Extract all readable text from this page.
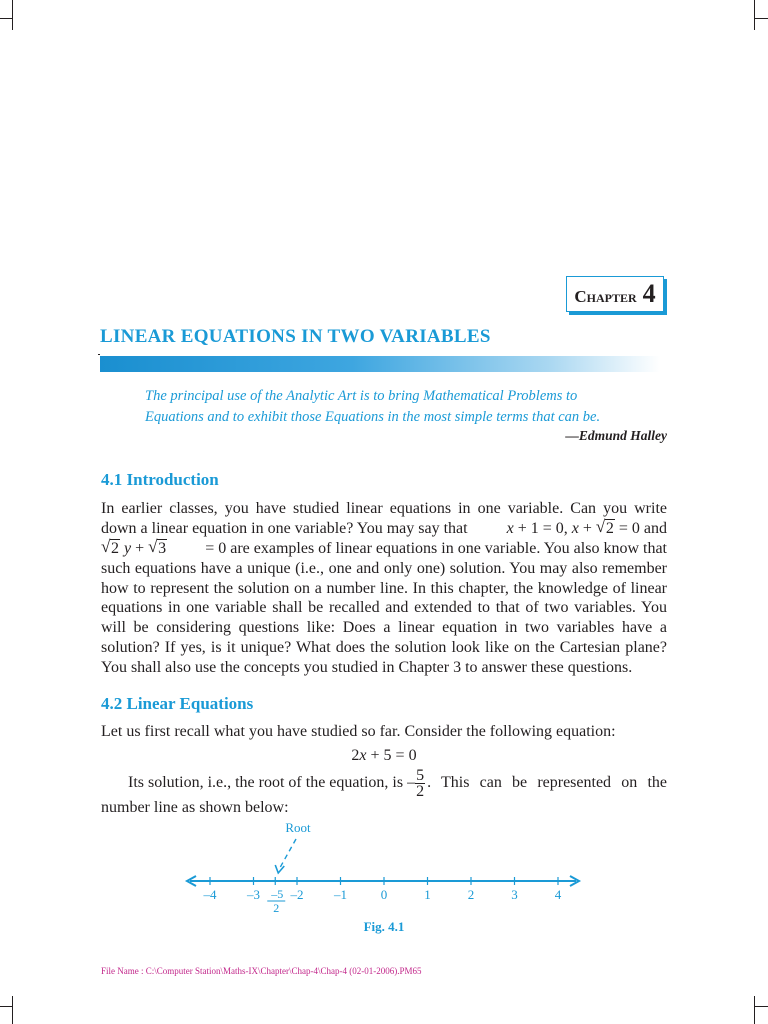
Chapter 4
LINEAR EQUATIONS IN TWO VARIABLES
The principal use of the Analytic Art is to bring Mathematical Problems to
Equations and to exhibit those Equations in the most simple terms that can be.
—Edmund Halley
4.1 Introduction
In earlier classes, you have studied linear equations in one variable. Can you write
down a linear equation in one variable? You may say that x + 1 = 0, x + √ 2 = 0 and
√ 2 y + √ 3 = 0 are examples of linear equations in one variable. You also know that
such equations have a unique (i.e., one and only one) solution. You may also remember
how to represent the solution on a number line. In this chapter, the knowledge of linear
equations in one variable shall be recalled and extended to that of two variables. You
will be considering questions like: Does a linear equation in two variables have a
solution? If yes, is it unique? What does the solution look like on the Cartesian plane?
You shall also use the concepts you studied in Chapter 3 to answer these questions.
4.2 Linear Equations
Let us first recall what you have studied so far. Consider the following equation:
2x + 5 = 0
Its solution, i.e., the root of the equation, is – $\frac{5}{2}$ . This can be represented on the
number line as shown below:
–4 –3 –2 –1	0	1	2	3	4
–5
2
Root
Fig. 4.1
File Name : C:\Computer Station\Maths-IX\Chapter\Chap-4\Chap-4 (02-01-2006).PM65
